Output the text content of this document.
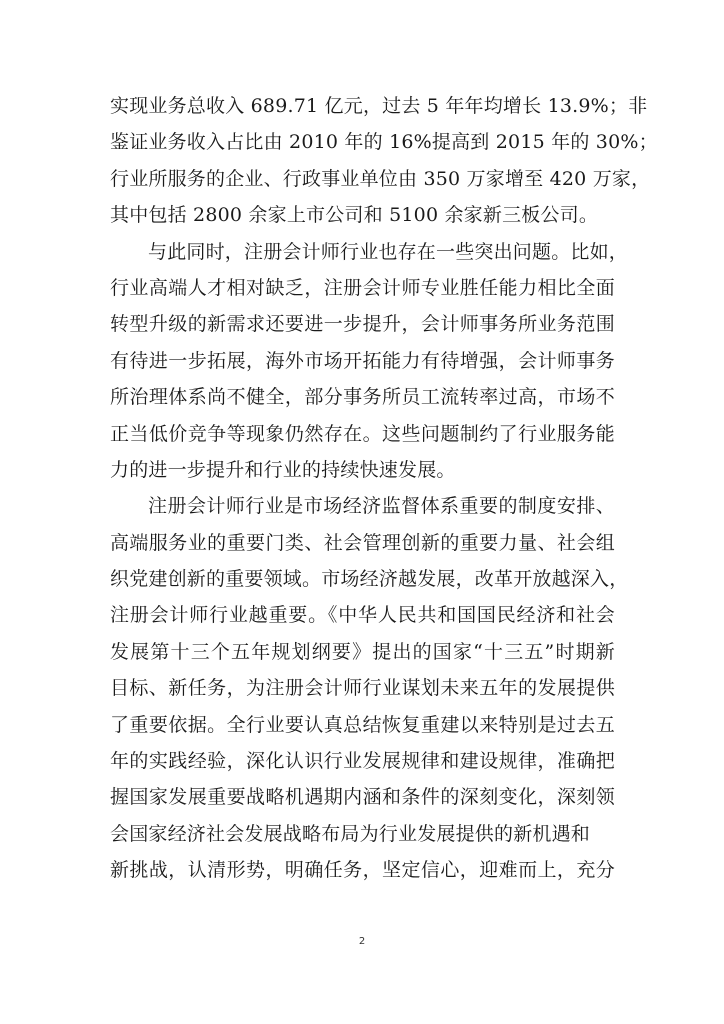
实现业务总收入 689.71 亿元，过去 5 年年均增长 13.9%；非
鉴证业务收入占比由 2010 年的 16%提高到 2015 年的 30%；
行业所服务的企业、行政事业单位由 350 万家增至 420 万家，
其中包括 2800 余家上市公司和 5100 余家新三板公司。
与此同时，注册会计师行业也存在一些突出问题。比如，
行业高端人才相对缺乏，注册会计师专业胜任能力相比全面
转型升级的新需求还要进一步提升，会计师事务所业务范围
有待进一步拓展，海外市场开拓能力有待增强，会计师事务
所治理体系尚不健全，部分事务所员工流转率过高，市场不
正当低价竞争等现象仍然存在。这些问题制约了行业服务能
力的进一步提升和行业的持续快速发展。
注册会计师行业是市场经济监督体系重要的制度安排、
高端服务业的重要门类、社会管理创新的重要力量、社会组
织党建创新的重要领域。市场经济越发展，改革开放越深入，
注册会计师行业越重要。《中华人民共和国国民经济和社会
发展第十三个五年规划纲要》提出的国家“十三五”时期新
目标、新任务，为注册会计师行业谋划未来五年的发展提供
了重要依据。全行业要认真总结恢复重建以来特别是过去五
年的实践经验，深化认识行业发展规律和建设规律，准确把
握国家发展重要战略机遇期内涵和条件的深刻变化，深刻领
会国家经济社会发展战略布局为行业发展提供的新机遇和
新挑战，认清形势，明确任务，坚定信心，迎难而上，充分
2
